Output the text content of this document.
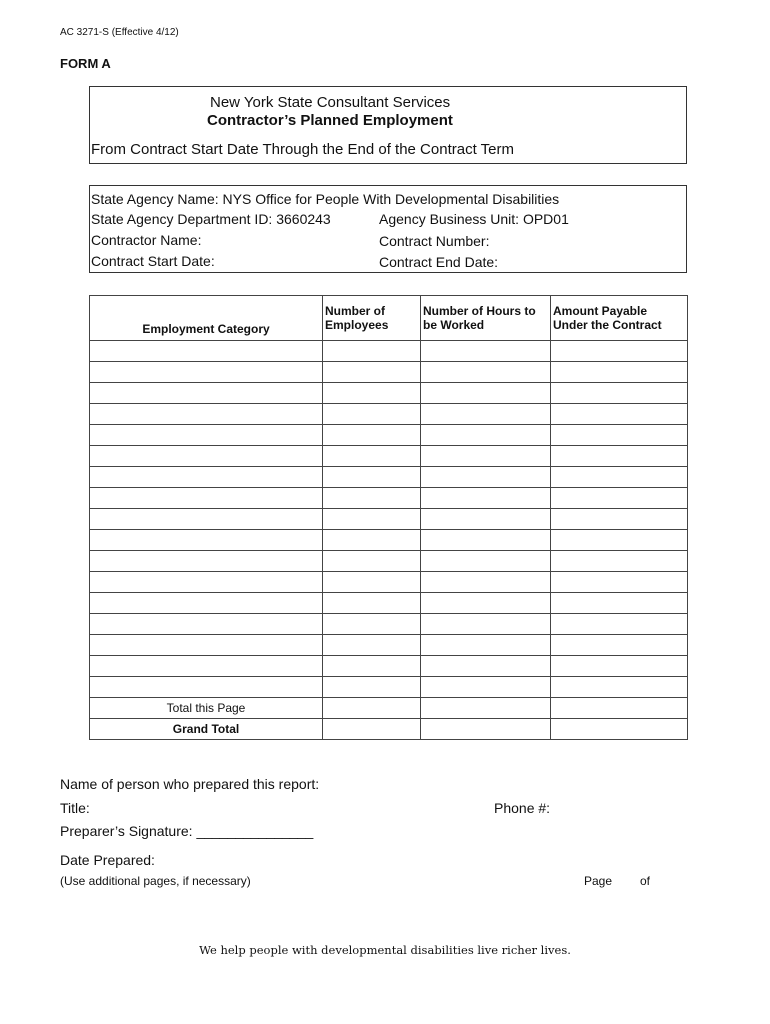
AC 3271-S (Effective 4/12)
FORM A
New York State Consultant Services
Contractor’s Planned Employment
From Contract Start Date Through the End of the Contract Term
State Agency Name: NYS Office for People With Developmental Disabilities
State Agency Department ID: 3660243	Agency Business Unit: OPD01
Contractor Name:	Contract Number:
Contract Start Date:	Contract End Date:
Employment Category	Number of Employees	Number of Hours to be Worked	Amount Payable Under the Contract

Total this Page			
Grand Total			
Name of person who prepared this report:
Title:	Phone #:
Preparer’s Signature: _______________
Date Prepared:
(Use additional pages, if necessary)	Page of
We help people with developmental disabilities live richer lives.
